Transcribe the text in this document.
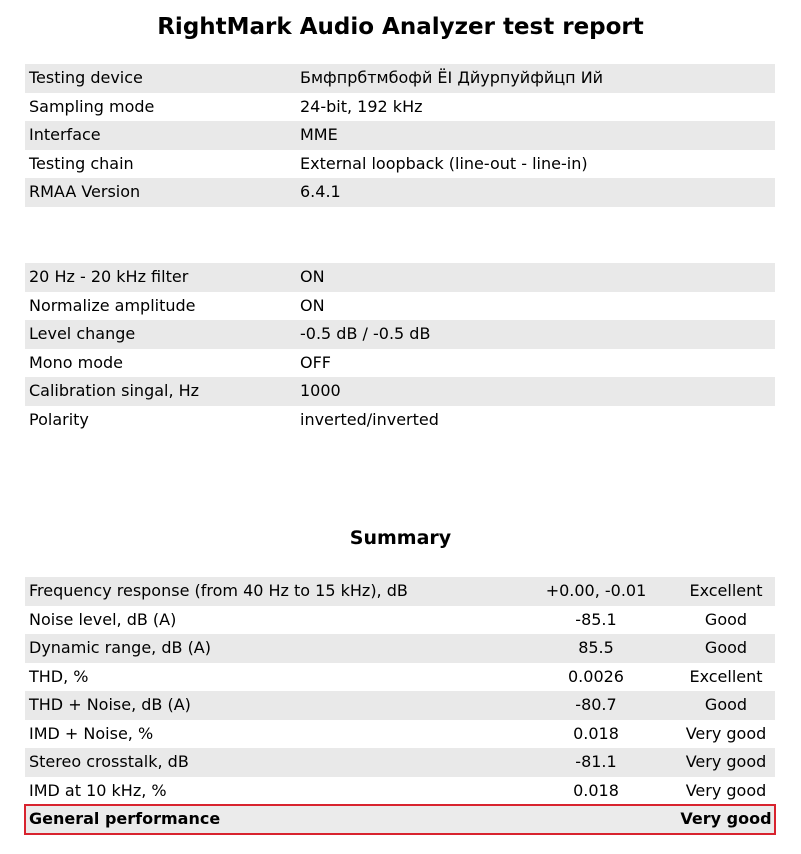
RightMark Audio Analyzer test report
Testing device	Бмфпрбтмбофй ЁI Дйурпуйфйцп Ий
Sampling mode	24-bit, 192 kHz
Interface	MME
Testing chain	External loopback (line-out - line-in)
RMAA Version	6.4.1
20 Hz - 20 kHz filter	ON
Normalize amplitude	ON
Level change	-0.5 dB / -0.5 dB
Mono mode	OFF
Calibration singal, Hz	1000
Polarity	inverted/inverted
Summary
Frequency response (from 40 Hz to 15 kHz), dB	+0.00, -0.01	Excellent
Noise level, dB (A)	-85.1	Good
Dynamic range, dB (A)	85.5	Good
THD, %	0.0026	Excellent
THD + Noise, dB (A)	-80.7	Good
IMD + Noise, %	0.018	Very good
Stereo crosstalk, dB	-81.1	Very good
IMD at 10 kHz, %	0.018	Very good
General performance		Very good
